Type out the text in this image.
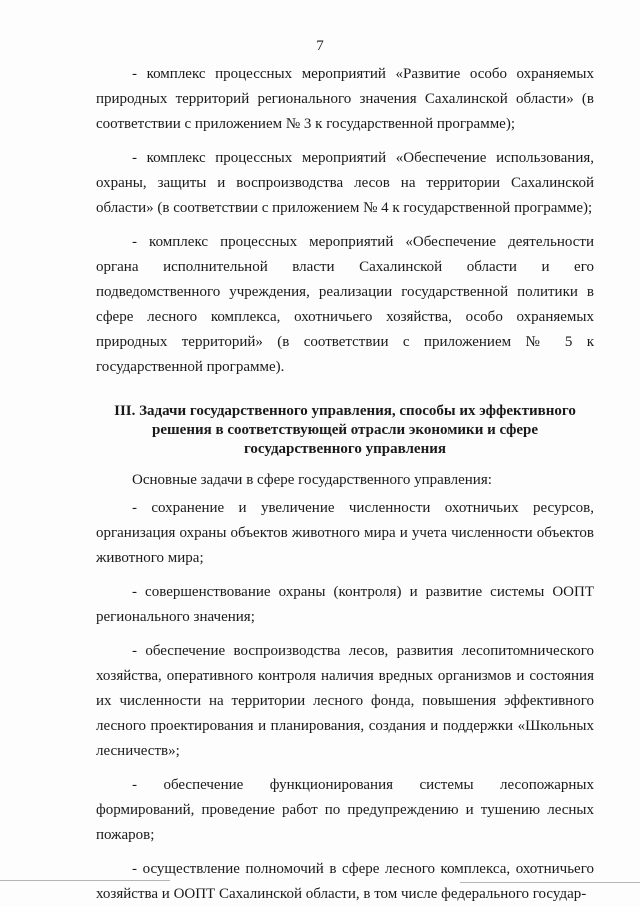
7

- комплекс процессных мероприятий «Развитие особо охраняемых природных территорий регионального значения Сахалинской области» (в соответствии с приложением № 3 к государственной программе);

- комплекс процессных мероприятий «Обеспечение использования, охраны, защиты и воспроизводства лесов на территории Сахалинской области» (в соответствии с приложением № 4 к государственной программе);

- комплекс процессных мероприятий «Обеспечение деятельности органа исполнительной власти Сахалинской области и его подведомственного учреждения, реализации государственной политики в сфере лесного комплекса, охотничьего хозяйства, особо охраняемых природных территорий» (в соответствии с приложением № 5 к государственной программе).

III. Задачи государственного управления, способы их эффективного решения в соответствующей отрасли экономики и сфере государственного управления

Основные задачи в сфере государственного управления:

- сохранение и увеличение численности охотничьих ресурсов, организация охраны объектов животного мира и учета численности объектов животного мира;

- совершенствование охраны (контроля) и развитие системы ООПТ регионального значения;

- обеспечение воспроизводства лесов, развития лесопитомнического хозяйства, оперативного контроля наличия вредных организмов и состояния их численности на территории лесного фонда, повышения эффективного лесного проектирования и планирования, создания и поддержки «Школьных лесничеств»;

- обеспечение функционирования системы лесопожарных формирований, проведение работ по предупреждению и тушению лесных пожаров;

- осуществление полномочий в сфере лесного комплекса, охотничьего хозяйства и ООПТ Сахалинской области, в том числе федерального государ-
